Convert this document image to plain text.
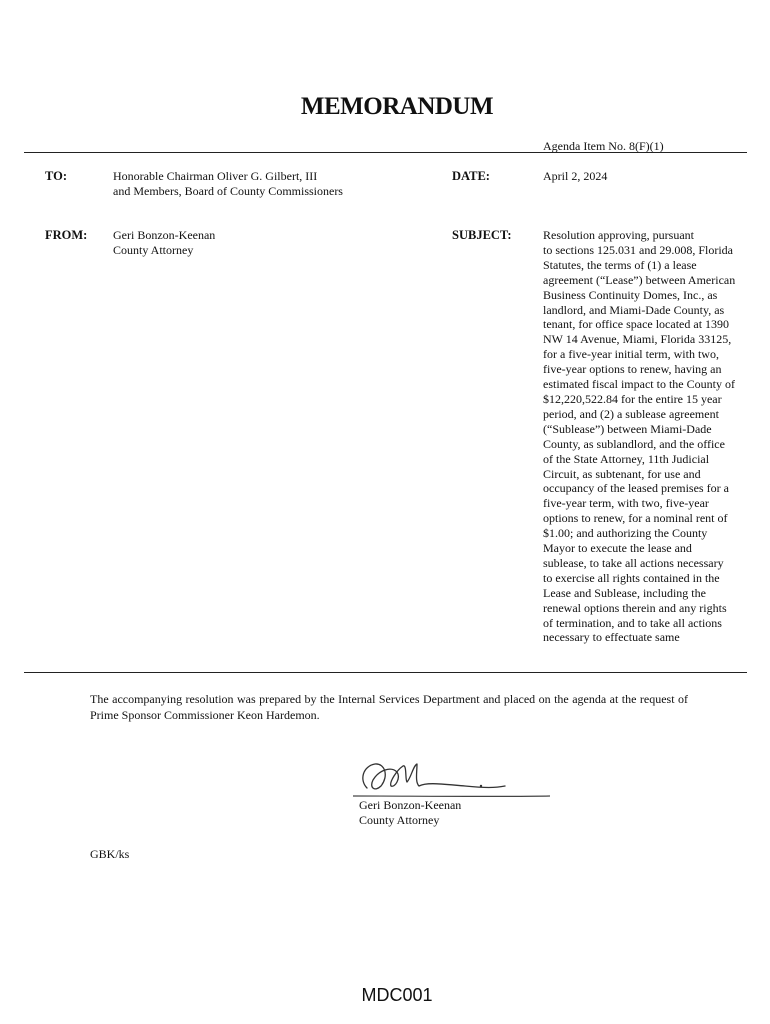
MEMORANDUM
Agenda Item No. 8(F)(1)
TO:	Honorable Chairman Oliver G. Gilbert, III
and Members, Board of County Commissioners
DATE:	April 2, 2024
FROM: Geri Bonzon-Keenan
County Attorney
SUBJECT:	Resolution approving, pursuant
to sections 125.031 and 29.008, Florida
Statutes, the terms of (1) a lease
agreement (“Lease”) between American
Business Continuity Domes, Inc., as
landlord, and Miami-Dade County, as
tenant, for office space located at 1390
NW 14 Avenue, Miami, Florida 33125,
for a five-year initial term, with two,
five-year options to renew, having an
estimated fiscal impact to the County of
$12,220,522.84 for the entire 15 year
period, and (2) a sublease agreement
(“Sublease”) between Miami-Dade
County, as sublandlord, and the office
of the State Attorney, 11th Judicial
Circuit, as subtenant, for use and
occupancy of the leased premises for a
five-year term, with two, five-year
options to renew, for a nominal rent of
$1.00; and authorizing the County
Mayor to execute the lease and
sublease, to take all actions necessary
to exercise all rights contained in the
Lease and Sublease, including the
renewal options therein and any rights
of termination, and to take all actions
necessary to effectuate same
The accompanying resolution was prepared by the Internal Services Department and placed on the agenda at the request of Prime Sponsor Commissioner Keon Hardemon.
Geri Bonzon-Keenan
County Attorney
GBK/ks
MDC001
